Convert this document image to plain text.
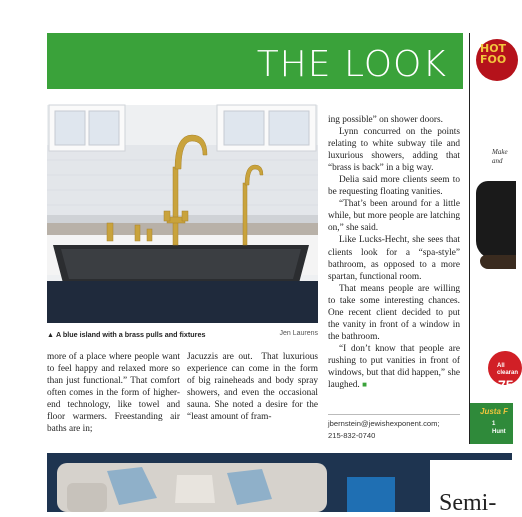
THE LOOK
▲ A blue island with a brass pulls and fixtures	Jen Laurens

more of a place where people want to feel happy and relaxed more so than just functional.” That comfort often comes in the form of higher-end technology, like towel and floor warmers. Freestanding air baths are in;

Jacuzzis are out.  That luxurious experience can come in the form of big raineheads and body spray showers, and even the occasional sauna. She noted a desire for the “least amount of fram-

ing possible” on shower doors.

Lynn concurred on the points relating to white subway tile and luxurious showers, adding that “brass is back” in a big way.

Delia said more clients seem to be requesting floating vanities.

“That’s been around for a little while, but more people are latching on,” she said.

Like Lucks-Hecht, she sees that clients look for a “spa-style” bathroom, as opposed to a more spartan, functional room.

That means people are willing to take some interesting chances. One recent client decided to put the vanity in front of a window in the bathroom.

“I don’t know that people are rushing to put vanities in front of windows, but that did happen,” she laughed. ■

jbernstein@jewishexponent.com;
215-832-0740
HOT FOO
Make and
All clearan
75
Justa F
1
Hunt
Semi-
